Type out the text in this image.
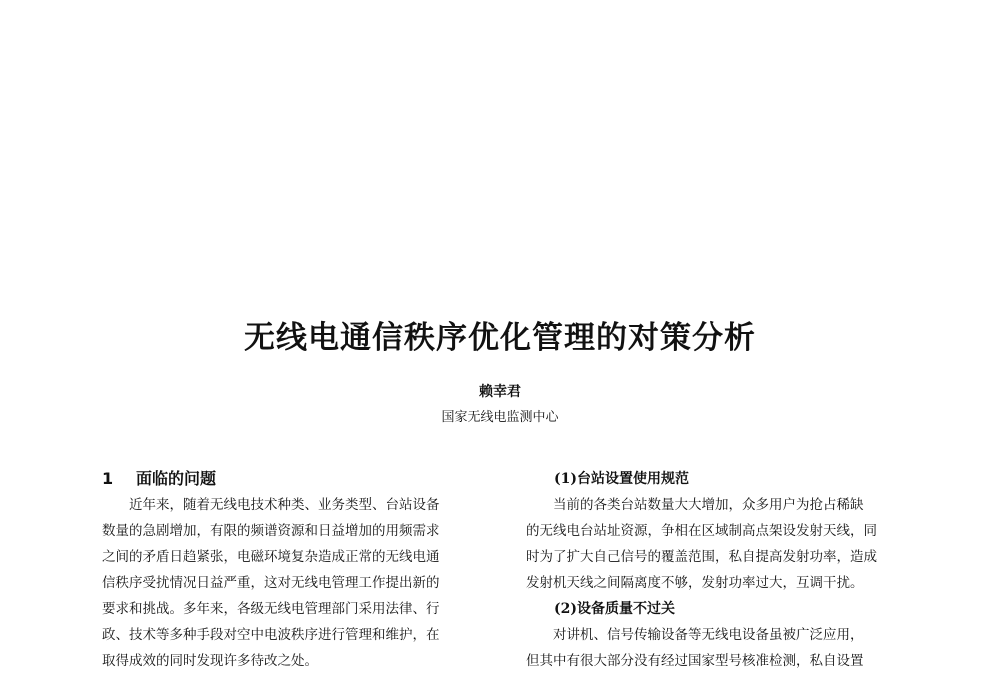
无线电通信秩序优化管理的对策分析
赖幸君
国家无线电监测中心
1 面临的问题

近年来，随着无线电技术种类、业务类型、台站设备
数量的急剧增加，有限的频谱资源和日益增加的用频需求
之间的矛盾日趋紧张，电磁环境复杂造成正常的无线电通
信秩序受扰情况日益严重，这对无线电管理工作提出新的
要求和挑战。多年来，各级无线电管理部门采用法律、行
政、技术等多种手段对空中电波秩序进行管理和维护，在
取得成效的同时发现许多待改之处。

(1)台站设置使用规范

当前的各类台站数量大大增加，众多用户为抢占稀缺
的无线电台站址资源，争相在区域制高点架设发射天线，同
时为了扩大自己信号的覆盖范围，私自提高发射功率，造成
发射机天线之间隔离度不够，发射功率过大，互调干扰。

(2)设备质量不过关

对讲机、信号传输设备等无线电设备虽被广泛应用，
但其中有很大部分没有经过国家型号核准检测，私自设置
